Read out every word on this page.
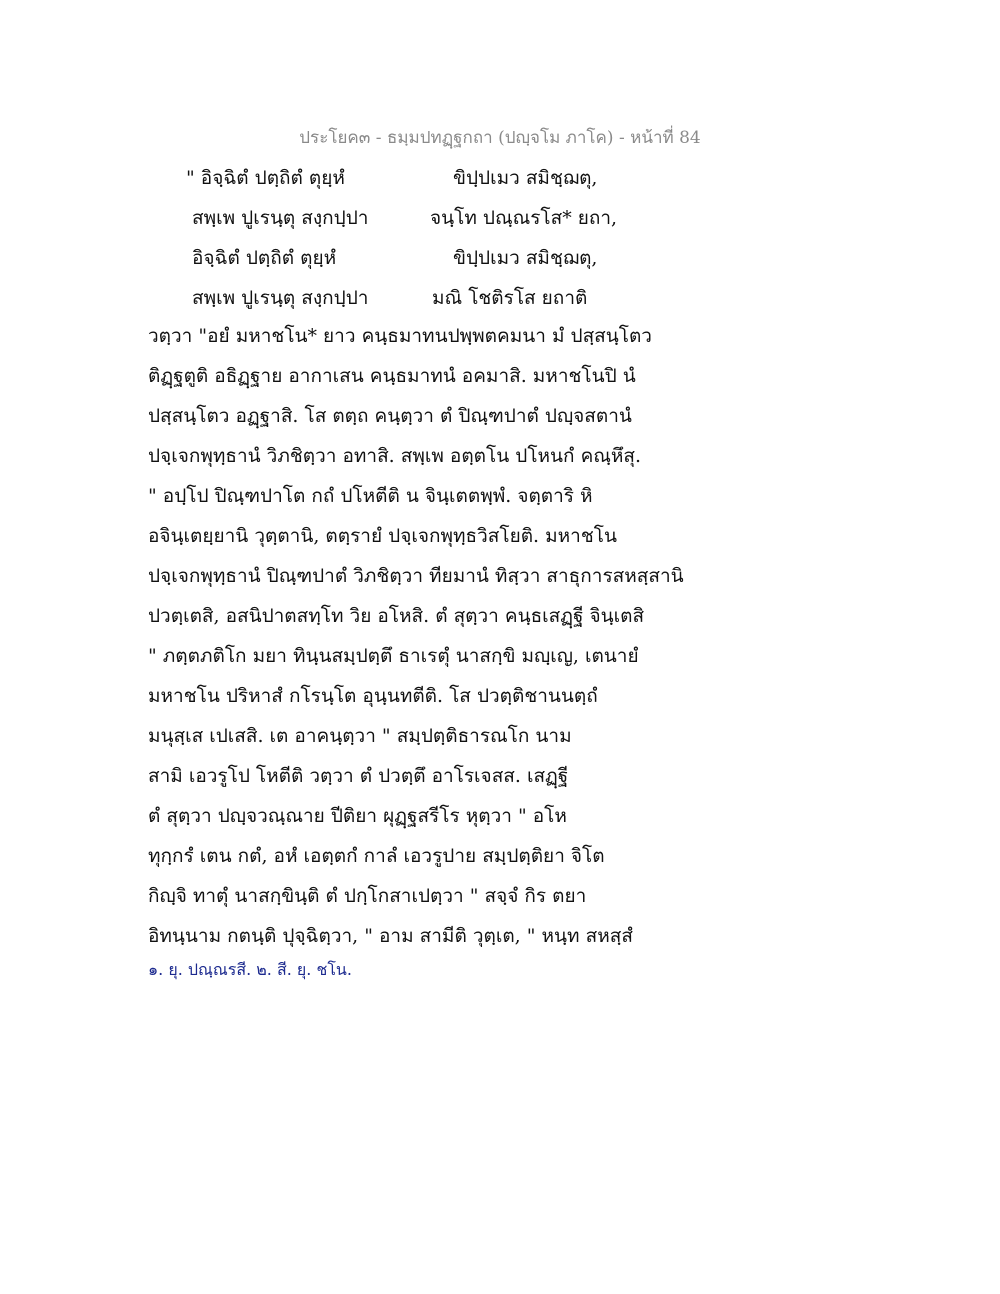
ประโยค๓ - ธมฺมปทฏฺฐกถา (ปญฺจโม ภาโค) - หน้าที่ 84
" อิจฺฉิตํ ปตฺถิตํ ตุยฺหํ	ขิปฺปเมว สมิชฺฌตุ,
สพฺเพ ปูเรนฺตุ สงฺกปฺปา	จนฺโท ปณฺณรโส* ยถา,
อิจฺฉิตํ ปตฺถิตํ ตุยฺหํ	ขิปฺปเมว สมิชฺฌตุ,
สพฺเพ ปูเรนฺตุ สงฺกปฺปา	มณิ โชติรโส ยถาติ
วตฺวา "อยํ มหาชโน* ยาว คนฺธมาทนปพฺพตคมนา มํ ปสฺสนฺโตว
ติฏฺฐตูติ อธิฏฺฐาย อากาเสน คนฺธมาทนํ อคมาสิ. มหาชโนปิ นํ
ปสฺสนฺโตว อฏฺฐาสิ. โส ตตฺถ คนฺตฺวา ตํ ปิณฺฑปาตํ ปญฺจสตานํ
ปจฺเจกพุทฺธานํ วิภชิตฺวา อทาสิ. สพฺเพ อตฺตโน ปโหนกํ คณฺหึสุ.
" อปฺโป ปิณฺฑปาโต กถํ ปโหตีติ น จินฺเตตพฺพํ. จตฺตาริ หิ
อจินฺเตยฺยานิ วุตฺตานิ, ตตฺรายํ ปจฺเจกพุทฺธวิสโยติ. มหาชโน
ปจฺเจกพุทฺธานํ ปิณฺฑปาตํ วิภชิตฺวา ทียมานํ ทิสฺวา สาธุการสหสฺสานิ
ปวตฺเตสิ, อสนิปาตสทฺโท วิย อโหสิ. ตํ สุตฺวา คนฺธเสฏฺฐี จินฺเตสิ
" ภตฺตภติโก มยา ทินฺนสมฺปตฺตึ ธาเรตุํ นาสกฺขิ มญฺเญ, เตนายํ
มหาชโน ปริหาสํ กโรนฺโต อุนฺนทตีติ. โส ปวตฺติชานนตฺถํ
มนุสฺเส เปเสสิ. เต อาคนฺตฺวา " สมฺปตฺติธารณโก นาม
สามิ เอวรูโป โหตีติ วตฺวา ตํ ปวตฺตึ อาโรเจสส. เสฏฺฐี
ตํ สุตฺวา ปญฺจวณฺณาย ปีติยา ผุฏฺฐสรีโร หุตฺวา " อโห
ทุกฺกรํ เตน กตํ, อหํ เอตฺตกํ กาลํ เอวรูปาย สมฺปตฺติยา จิโต
กิญฺจิ ทาตุํ นาสกฺขินฺติ ตํ ปกฺโกสาเปตฺวา " สจฺจํ กิร ตยา
อิทนฺนาม กตนฺติ ปุจฺฉิตฺวา, " อาม สามีติ วุตฺเต, " หนฺท สหสฺสํ
๑. ยุ. ปณฺณรสี. ๒. สี. ยุ. ชโน.
